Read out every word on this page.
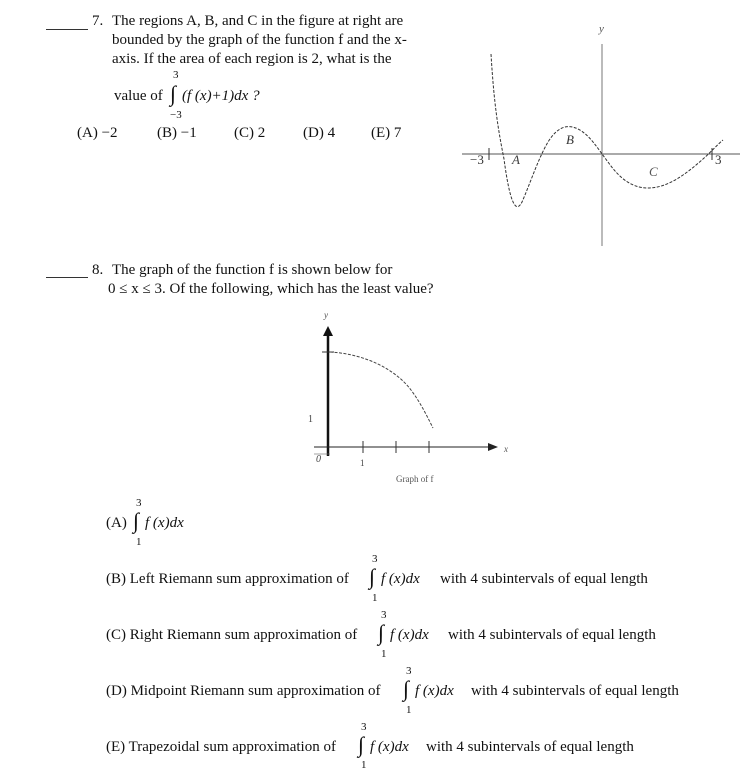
7. The regions A, B, and C in the figure at right are
bounded by the graph of the function f and the x-
axis. If the area of each region is 2, what is the
3
value of ∫ (f (x)+1)dx ?
−3
(A) −2	(B) −1 (C) 2	(D) 4 (E) 7
y
−3	3
A
B
C
8. The graph of the function f is shown below for
0 ≤ x ≤ 3. Of the following, which has the least value?
y
x
1
0	1
Graph of f
3
(A) ∫ f (x)dx
1
3
(B) Left Riemann sum approximation of ∫ f (x)dx with 4 subintervals of equal length
1
3
(C) Right Riemann sum approximation of ∫ f (x)dx with 4 subintervals of equal length
1
3
(D) Midpoint Riemann sum approximation of ∫ f (x)dx with 4 subintervals of equal length
1
3
(E) Trapezoidal sum approximation of ∫ f (x)dx with 4 subintervals of equal length
1
